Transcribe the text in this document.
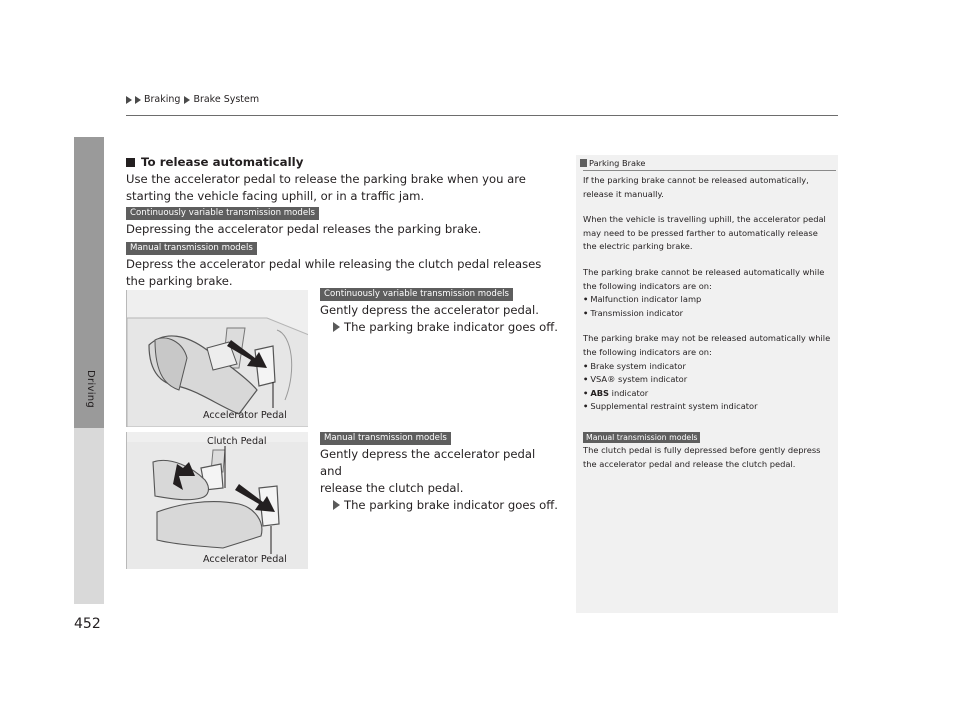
Driving
Braking Brake System
To release automatically
Use the accelerator pedal to release the parking brake when you are starting the vehicle facing uphill, or in a traffic jam.
Continuously variable transmission models
Depressing the accelerator pedal releases the parking brake.
Manual transmission models
Depress the accelerator pedal while releasing the clutch pedal releases the parking brake.
Accelerator Pedal
Continuously variable transmission models
Gently depress the accelerator pedal.
The parking brake indicator goes off.
Clutch Pedal
Accelerator Pedal
Manual transmission models
Gently depress the accelerator pedal and
release the clutch pedal.
The parking brake indicator goes off.
Parking Brake

If the parking brake cannot be released automatically, release it manually.

When the vehicle is travelling uphill, the accelerator pedal may need to be pressed farther to automatically release the electric parking brake.

The parking brake cannot be released automatically while the following indicators are on:
• Malfunction indicator lamp
• Transmission indicator
The parking brake may not be released automatically while the following indicators are on:
• Brake system indicator
• VSA® system indicator
• ABS indicator
• Supplemental restraint system indicator
Manual transmission models
The clutch pedal is fully depressed before gently depress the accelerator pedal and release the clutch pedal.
452
